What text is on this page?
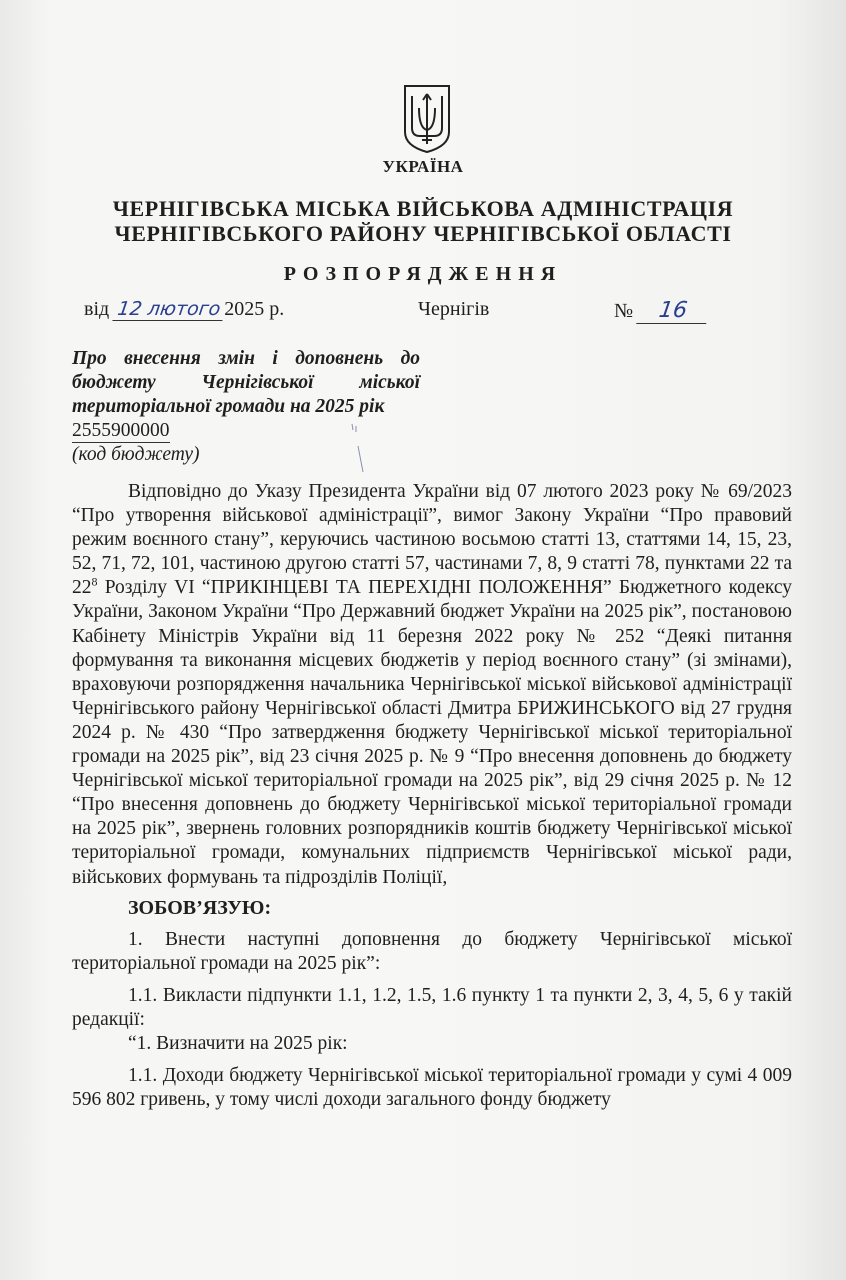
УКРАЇНА
ЧЕРНІГІВСЬКА МІСЬКА ВІЙСЬКОВА АДМІНІСТРАЦІЯ
ЧЕРНІГІВСЬКОГО РАЙОНУ ЧЕРНІГІВСЬКОЇ ОБЛАСТІ
РОЗПОРЯДЖЕННЯ
від 12 лютого 2025 р.	Чернігів	№ 16
Про внесення змін і доповнень до
бюджету Чернігівської міської
територіальної громади на 2025 рік
2555900000
(код бюджету)

Відповідно до Указу Президента України від 07 лютого 2023 року № 69/2023 “Про утворення військової адміністрації”, вимог Закону України “Про правовий режим воєнного стану”, керуючись частиною восьмою статті 13, статтями 14, 15, 23, 52, 71, 72, 101, частиною другою статті 57, частинами 7, 8, 9 статті 78, пунктами 22 та $22^8$ Розділу VI “ПРИКІНЦЕВІ ТА ПЕРЕХІДНІ ПОЛОЖЕННЯ” Бюджетного кодексу України, Законом України “Про Державний бюджет України на 2025 рік”, постановою Кабінету Міністрів України від 11 березня 2022 року № 252 “Деякі питання формування та виконання місцевих бюджетів у період воєнного стану” (зі змінами), враховуючи розпорядження начальника Чернігівської міської військової адміністрації Чернігівського району Чернігівської області Дмитра БРИЖИНСЬКОГО від 27 грудня 2024 р. № 430 “Про затвердження бюджету Чернігівської міської територіальної громади на 2025 рік”, від 23 січня 2025 р. № 9 “Про внесення доповнень до бюджету Чернігівської міської територіальної громади на 2025 рік”, від 29 січня 2025 р. № 12 “Про внесення доповнень до бюджету Чернігівської міської територіальної громади на 2025 рік”, звернень головних розпорядників коштів бюджету Чернігівської міської територіальної громади, комунальних підприємств Чернігівської міської ради, військових формувань та підрозділів Поліції,

ЗОБОВ’ЯЗУЮ:

1. Внести наступні доповнення до бюджету Чернігівської міської територіальної громади на 2025 рік”:

1.1. Викласти підпункти 1.1, 1.2, 1.5, 1.6 пункту 1 та пункти 2, 3, 4, 5, 6 у такій редакції:

“1. Визначити на 2025 рік:

1.1. Доходи бюджету Чернігівської міської територіальної громади у сумі 4 009 596 802 гривень, у тому числі доходи загального фонду бюджету
